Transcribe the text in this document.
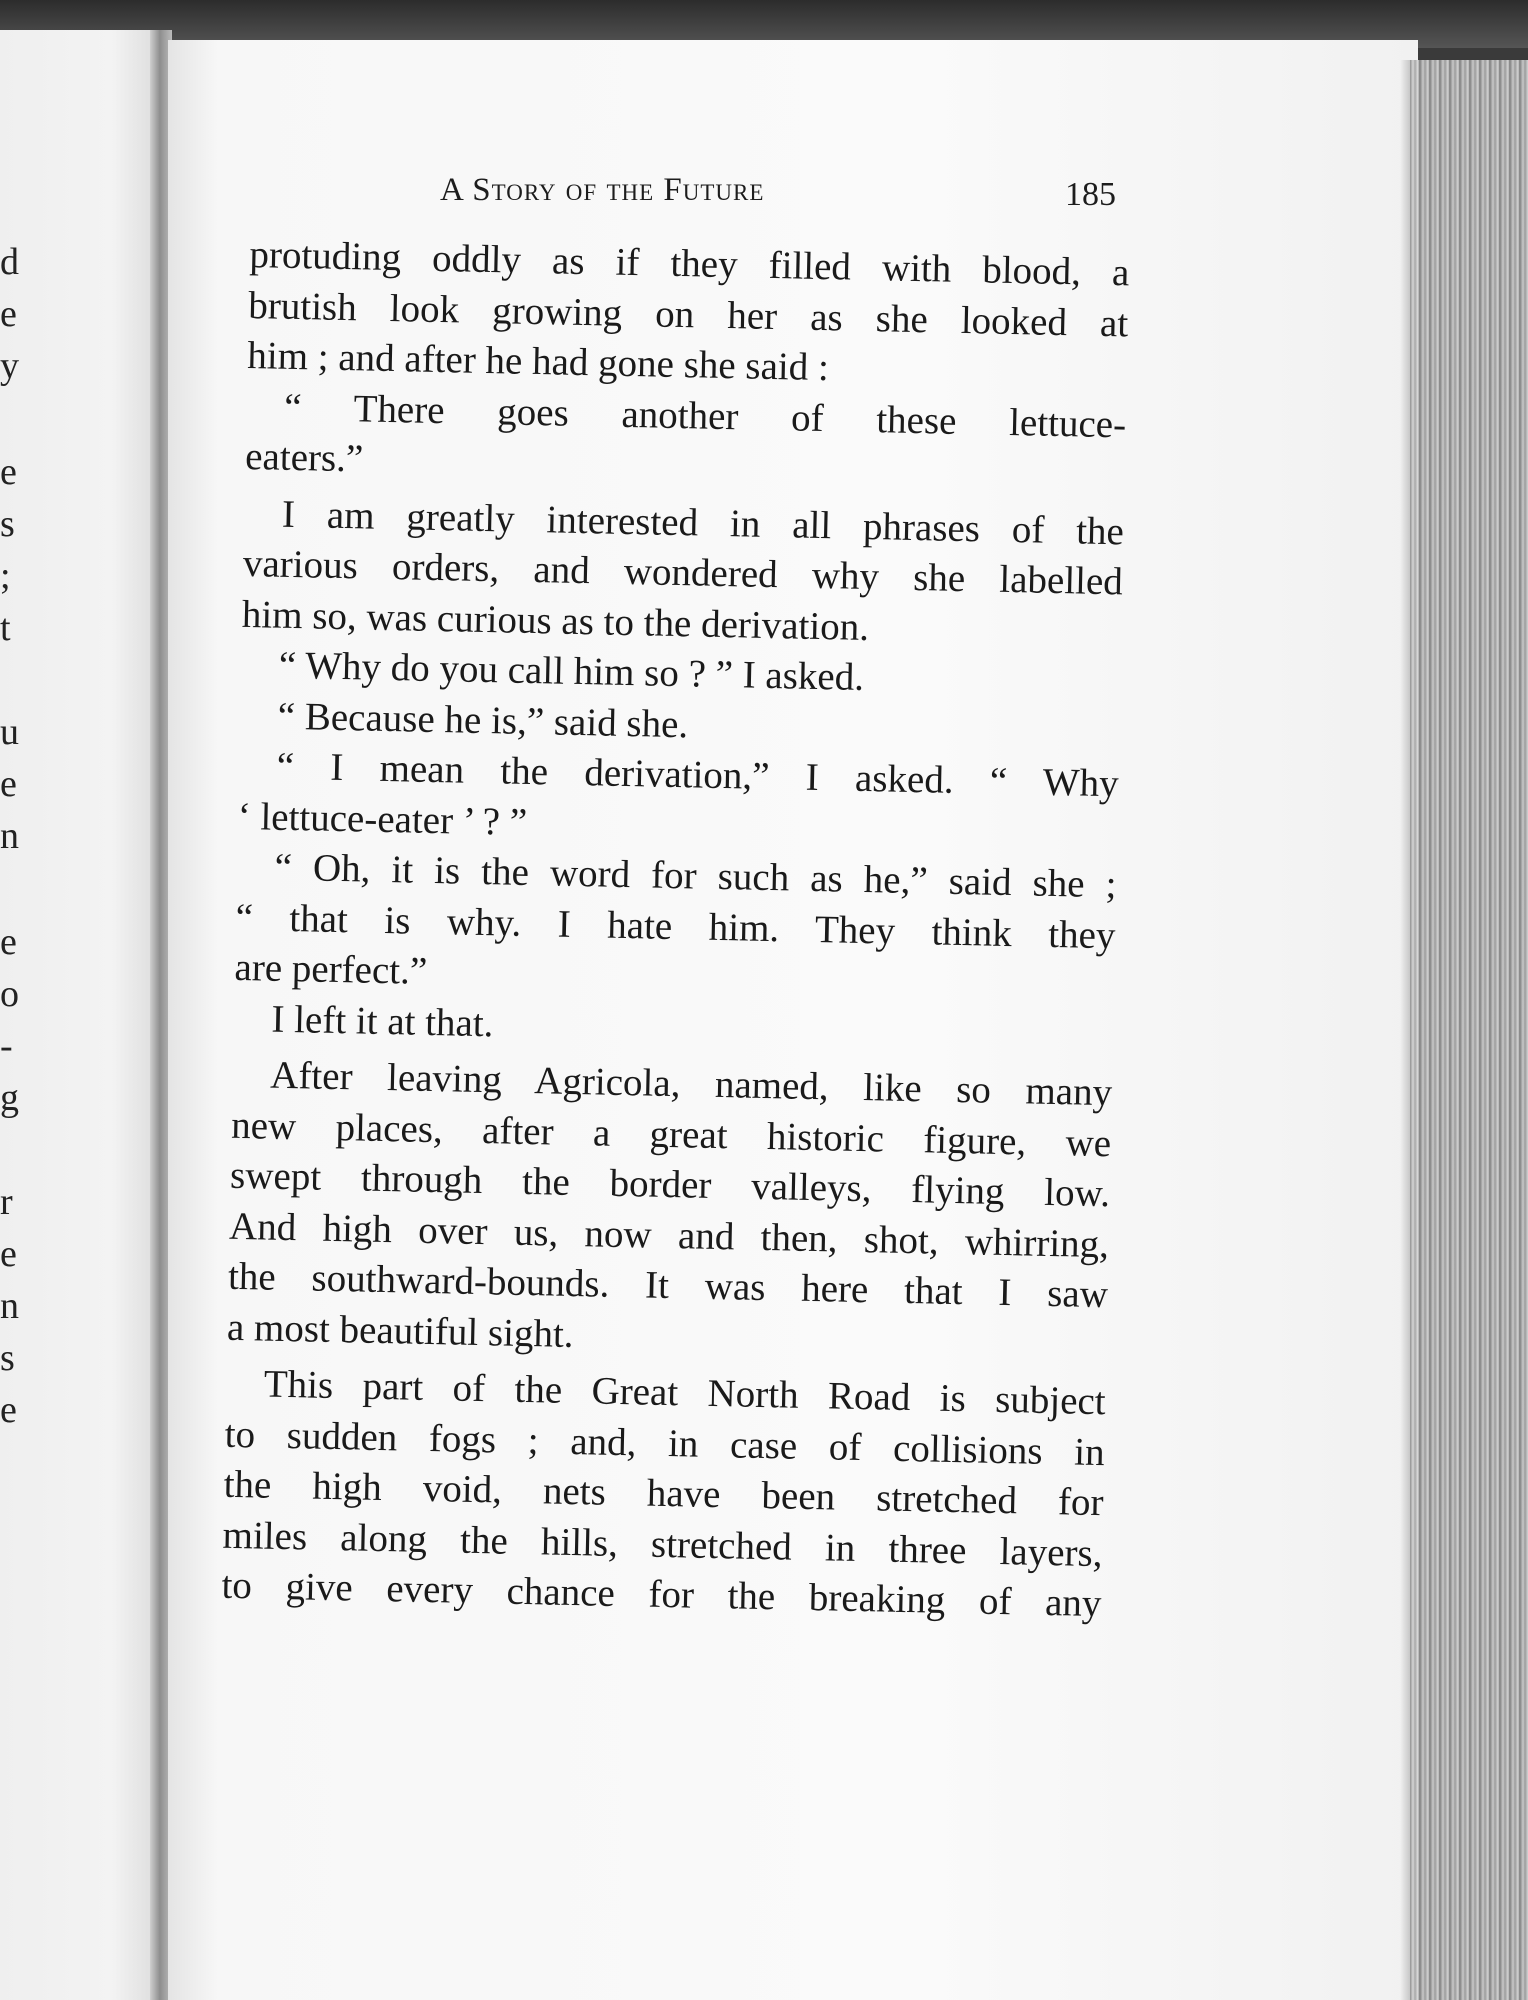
d
e
y
e
s
;
t
u
e
n
e
o
-
g
r
e
n
s
e
A Story of the Future	185
protuding oddly as if they filled with blood, a
brutish look growing on her as she looked at
him ; and after he had gone she said :
“ There goes another of these lettuce-
eaters.”
I am greatly interested in all phrases of the
various orders, and wondered why she labelled
him so, was curious as to the derivation.
“ Why do you call him so ? ” I asked.
“ Because he is,” said she.
“ I mean the derivation,” I asked. “ Why
‘ lettuce-eater ’ ? ”
“ Oh, it is the word for such as he,” said she ;
“ that is why. I hate him. They think they
are perfect.”
I left it at that.
After leaving Agricola, named, like so many
new places, after a great historic figure, we
swept through the border valleys, flying low.
And high over us, now and then, shot, whirring,
the southward-bounds. It was here that I saw
a most beautiful sight.
This part of the Great North Road is subject
to sudden fogs ; and, in case of collisions in
the high void, nets have been stretched for
miles along the hills, stretched in three layers,
to give every chance for the breaking of any
